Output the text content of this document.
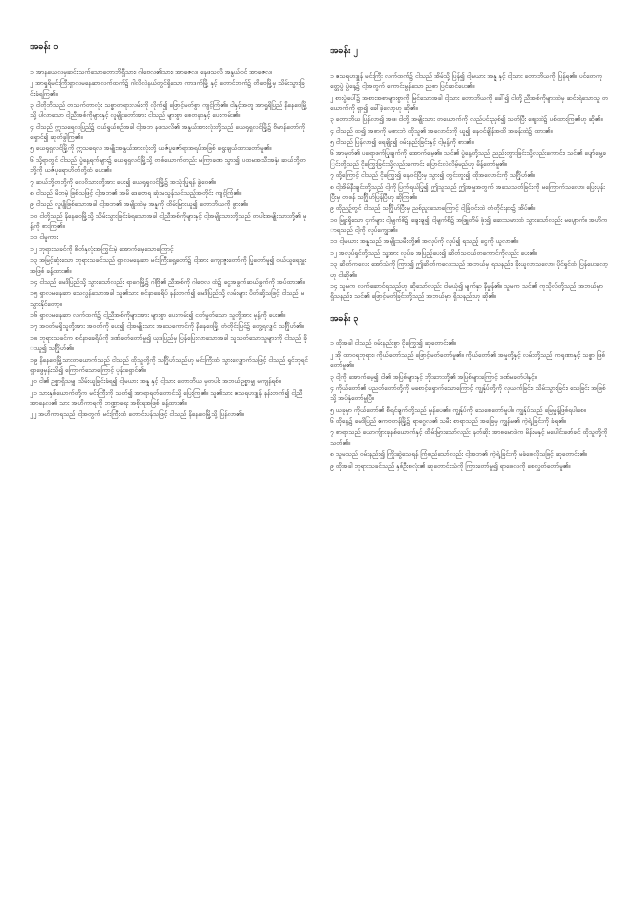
အခန်း ၁

၁ အာနယေလမှဆင်းသက်သောတောဘိရှီသား၊ ဂါဗေလ၏သား၊ အာဇေလ၊ နေဖသလိ အနွယ်ဝင် အာဇေလ၊

၂ အာရှုရိမင်းကြီးရှာလမနေဆာလက်ထက်၌ ဂါလိလဲနယ်တွင်ရှိသော ကာဒက်မြို့ နှင့် တောင်ဘက်၌ တိဗေမြို့မှ သိမ်းသွားခြင်းခံရကြ၏။

၃ ငါတိုဘိသည် တသက်တာလုံး သစ္စာတရားလမ်းကို လိုက်၍ ဖြောင့်မတ်စွာ ကျင့်ကြံ၏။ ငါနှင့်အတူ အာရှုရိပြည် နိနေဝေမြို့သို့ ပါလာသော ငါ့ညီအစ်ကိုများနှင့် လူမျိုးတော်အား ငါသည် များစွာ စေတနာနှင့် ပေးကမ်း၏။

၄ ငါသည် ဣသရေလပြည်၌ ငယ်ရွယ်စဉ်အခါ ငါ့အဘ နဖသလိ၏ အနွယ်အားလုံးတို့သည် ယေရုရှလင်မြို့၌ ဗိမာန်တော်ကို ရှောင်၍ ဆုတ်ခွါကြ၏။

၅ ယေရုရှလင်မြို့ကို ဣသရေလ အမျိုးအနွယ်အားလုံးတို့ ယဇ်ပူဇော်ရာအရပ်အဖြစ် ရွေးချယ်ထားတော်မူ၏။

၆ သို့ရာတွင် ငါသည် ပွဲနေ့ရက်များ၌ ယေရုရှလင်မြို့သို့ တစ်ယောက်တည်း မကြာခဏ သွား၍ ပထမအသီးအနှံ၊ ဆယ်ဘို့တဘို့ကို ယဇ်ပုရောဟိတ်တို့ထံ ပေး၏။

၇ ဆယ်ဘို့တဘို့ကို လေဝိသားတို့အား ပေး၍ ယေရုရှလင်မြို့၌ အသုံးပြုရန် ခွဲဝေ၏။

၈ ငါသည် မိဘမဲ့ ဖြစ်သဖြင့် ငါ့အဘ၏ အမိ ဒေဗောရ ဆုံးမသွန်သင်သည့်အတိုင်း ကျင့်ကြံ၏။

၉ ငါသည် လူပျိုဖြစ်သောအခါ ငါ့အဘ၏ အမျိုးထဲမှ အန္နကို ထိမ်းမြားယူ၍ တောဘိယကို ဖွား၏။

၁၀ ငါတို့သည် နိနေဝေမြို့သို့ သိမ်းသွားခြင်းခံရသောအခါ ငါ့ညီအစ်ကိုများနှင့် ငါ့အမျိုးသားတို့သည် တပါးအမျိုးသားတို့၏ မုန့်ကို စားကြ၏။

၁၁ ငါမူကား

၁၂ ဘုရားသခင်ကို စိတ်နှလုံးအကြွင်းမဲ့ အောက်မေ့သောကြောင့်

၁၃ အမြင့်ဆုံးသော ဘုရားသခင်သည် ရှာလမနေဆာ မင်းကြီးရှေ့တော်၌ ငါ့အား ကျေးဇူးတော်ကို ပြုတော်မူ၍ ဝယ်ယူရေးမှူးအဖြစ် ခန့်ထား၏။

၁၄ ငါသည် မေဒိပြည်သို့ သွားသော်လည်း ရာဂေမြို့၌ ဂါဗြိ၏ ညီအစ်ကို ဂါဗေလ ထံ၌ ငွေအခွက်ဆယ်ခွက်ကို အပ်ထား၏။

၁၅ ရှာလမနေဆာ သေလွန်သောအခါ သူ၏သား စင်နာခေရိပ် နန်းတက်၍ မေဒိပြည်သို့ လမ်းများ ပိတ်ဆို့သဖြင့် ငါသည် မသွားနိုင်တော့။

၁၆ ရှာလမနေဆာ လက်ထက်၌ ငါ့ညီအစ်ကိုများအား များစွာ ပေးကမ်း၍ ငတ်မွတ်သော သူတို့အား မုန့်ကို ပေး၏။

၁၇ အဝတ်မရှိသူတို့အား အဝတ်ကို ပေး၍ ငါ့အမျိုးသား အသေကောင်ကို နိနေဝေမြို့ တံတိုင်းပြင်၌ တွေ့ရလျှင် သင်္ဂြိုဟ်၏။

၁၈ ဘုရားသခင်က စင်နာခေရိပ်ကို ဒဏ်ခတ်တော်မူ၍ ယုဒပြည်မှ ပြန်ပြေးလာသောအခါ သူသတ်သောသူများကို ငါသည် ခိုးယူ၍ သင်္ဂြိုဟ်၏။

၁၉ နိနေဝေမြို့သားတယောက်သည် ငါသည် ထိုသူတို့ကို သင်္ဂြိုဟ်သည်ဟု မင်းကြီးထံ သွားလျှောက်သဖြင့် ငါသည် ရှင်ဘုရင်ရှာဖွေမှန်းသိ၍ ကြောက်သောကြောင့် ပုန်းရှောင်၏။

၂၀ ငါ၏ ဥစ္စာရှိသမျှ သိမ်းယူခြင်းခံရ၍ ငါ့မယား အန္န နှင့် ငါ့သား တောဘိယ မှတပါး အဘယ်ဥစ္စာမျှ မကျန်ရစ်။

၂၁ သားနှစ်ယောက်တို့က မင်းကြီးကို သတ်၍ အာရာရတ်တောင်သို့ ပြေးကြ၏။ သူ၏သား ဧသရဟဒ္ဒုန် နန်းတက်၍ ငါ့ညီ အာနေလ၏ သား အဟိကာရကို ဘဏ္ဍာရေး အစိုးရအဖြစ် ခန့်ထား၏။

၂၂ အဟိကာရသည် ငါ့အတွက် မင်းကြီးထံ တောင်းပန်သဖြင့် ငါသည် နိနေဝေမြို့သို့ ပြန်လာ၏။

အခန်း ၂

၁ ဧသရဟဒ္ဒုန် မင်းကြီး လက်ထက်၌ ငါသည် အိမ်သို့ ပြန်၍ ငါ့မယား အန္န နှင့် ငါ့သား တောဘိယကို ပြန်ရ၏။ ပင်တေကုတ္တေပွဲ ပွဲနေ့၌ ငါ့အတွက် ကောင်းမွန်သော ညစာ ပြင်ဆင်ပေး၏။

၂ စားပွဲပေါ်၌ အစားအစာများစွာကို မြင်သောအခါ ငါ့သား တောဘိယကို ခေါ်၍ ငါတို့ ညီအစ်ကိုများထဲမှ ဆင်းရဲသောသူ တယောက်ကို ရှာ၍ ခေါ်ခဲ့လော့ဟု ဆို၏။

၃ တောဘိယ ပြန်လာ၍ အဖ၊ ငါတို့ အမျိုးသား တယောက်ကို လည်ပင်းညှစ်၍ သတ်ပြီး ဈေးထဲ၌ ပစ်ထားကြ၏ဟု ဆို၏။

၄ ငါသည် ထ၍ အစာကို မစားဘဲ ထိုသူ၏ အလောင်းကို ယူ၍ နေဝင်ချိန်အထိ အခန်းထဲ၌ ထား၏။

၅ ငါသည် ပြန်လာ၍ ရေချိုး၍ ဝမ်းနည်းခြင်းနှင့် ငါ့မုန့်ကို စား၏။

၆ အာမုတ်၏ ပရောဖက်ပြုချက်ကို အောက်မေ့၏။ သင်၏ ပွဲနေ့တို့သည် ညည်းတွားခြင်းသို့လည်းကောင်း၊ သင်၏ ပျော်မွေ့ခြင်းတို့သည် ငိုကြွေးခြင်းသို့လည်းကောင်း ပြောင်းလဲလိမ့်မည်ဟု မိန့်တော်မူ၏။

၇ ထို့ကြောင့် ငါသည် ငိုကြွေး၍ နေဝင်ပြီးမှ သွား၍ တွင်းတူး၍ ထိုအလောင်းကို သင်္ဂြိုဟ်၏။

၈ ငါ့အိမ်နီးချင်းတို့သည် ငါ့ကို ပြက်ရယ်ပြု၍ ဤသူသည် ဤအမှုအတွက် အသေသတ်ခြင်းကို မကြောက်သလော၊ ပြေးပုန်းပြီးမှ တဖန် သင်္ဂြိုဟ်ပြန်ပြီဟု ဆိုကြ၏။

၉ ထိုညဉ့်တွင် ငါသည် သင်္ဂြိုဟ်ပြီးမှ ညစ်ညူးသောကြောင့် ငါ့ခြံဝင်းထဲ တံတိုင်းနား၌ အိပ်၏။

၁၀ မြူးရှိသော ငှက်များ ငါ့မျက်စိ၌ ချေးချ၍ ငါ့မျက်စိ၌ အဖြူတိမ် ဖုံး၍ ဆေးသမားထံ သွားသော်လည်း မပျောက်။ အဟိကာရသည် ငါ့ကို လုပ်ကျွေး၏။

၁၁ ငါ့မယား အန္နသည် အမျိုးသမီးတို့၏ အလုပ်ကို လုပ်၍ ရသည့် ငွေကို ယူလာ၏။

၁၂ အလုပ်ရှင်တို့သည် သူ့အား လုပ်ခ အပြည့်ပေး၍ ဆိတ်သငယ်တကောင်ကိုလည်း ပေး၏။

၁၃ ဆိတ်ကလေး အော်သံကို ကြား၍ ဤဆိတ်ကလေးသည် အဘယ်မှ ရသနည်း၊ ခိုးယူလာသလော၊ ပိုင်ရှင်ထံ ပြန်ပေးလော့ဟု ငါဆို၏။

၁၄ သူမက လက်ဆောင်ရသည်ဟု ဆိုသော်လည်း ငါမယုံ၍ မျက်နှာ နီမှုန်၏။ သူမက သင်၏ ကုသိုလ်တို့သည် အဘယ်မှာ ရှိသနည်း၊ သင်၏ ဖြောင့်မတ်ခြင်းတို့သည် အဘယ်မှာ ရှိသနည်းဟု ဆို၏။

အခန်း ၃

၁ ထိုအခါ ငါသည် ဝမ်းနည်းစွာ ငိုကြွေး၍ ဆုတောင်း၏။

၂ အို ထာဝရဘုရား၊ ကိုယ်တော်သည် ဖြောင့်မတ်တော်မူ၏။ ကိုယ်တော်၏ အမှုတို့နှင့် လမ်းတို့သည် ကရုဏာနှင့် သစ္စာ ဖြစ်တော်မူ၏။

၃ ငါ့ကို အောက်မေ့၍ ငါ၏ အပြစ်များနှင့် ဘိုးဘေးတို့၏ အပြစ်များကြောင့် ဒဏ်မခတ်ပါနှင့်။

၄ ကိုယ်တော်၏ ပညတ်တော်တို့ကို မစောင့်ရှောက်သောကြောင့် ကျွန်ုပ်တို့ကို လုယက်ခြင်း၊ သိမ်းသွားခြင်း၊ သေခြင်း အဖြစ်သို့ အပ်နှံတော်မူပြီ။

၅ ယခုမှာ ကိုယ်တော်၏ စီရင်ချက်တို့သည် မှန်ပေ၏။ ကျွန်ုပ်ကို သေစေတော်မူပါ။ ကျွန်ုပ်သည် မြေမှုန့်ဖြစ်ရပါစေ။

၆ ထိုနေ့၌ မေဒိပြည် ဧကဗတန်မြို့၌ ရာဂွေလ၏ သမီး စာရာသည် အခြေမှ ကျွန်မ၏ ကဲ့ရဲ့ခြင်းကို ခံရ၏။

၇ စာရာသည် ယောက်ျားခုနစ်ယောက်နှင့် ထိမ်းမြားသော်လည်း နတ်ဆိုး အာစမောဒဲက မိန်းမနှင့် မပေါင်းဖော်ခင် ထိုသူတို့ကို သတ်၏။

၈ သူမသည် ဝမ်းနည်း၍ ကြိုးဆွဲသေရန် ကြံစည်သော်လည်း ငါ့အဘ၏ ကဲ့ရဲ့ခြင်းကို မခံစေလိုသဖြင့် ဆုတောင်း၏။

၉ ထိုအခါ ဘုရားသခင်သည် နှစ်ဦးစလုံး၏ ဆုတောင်းသံကို ကြားတော်မူ၍ ရာဖေလကို စေလွှတ်တော်မူ၏။
